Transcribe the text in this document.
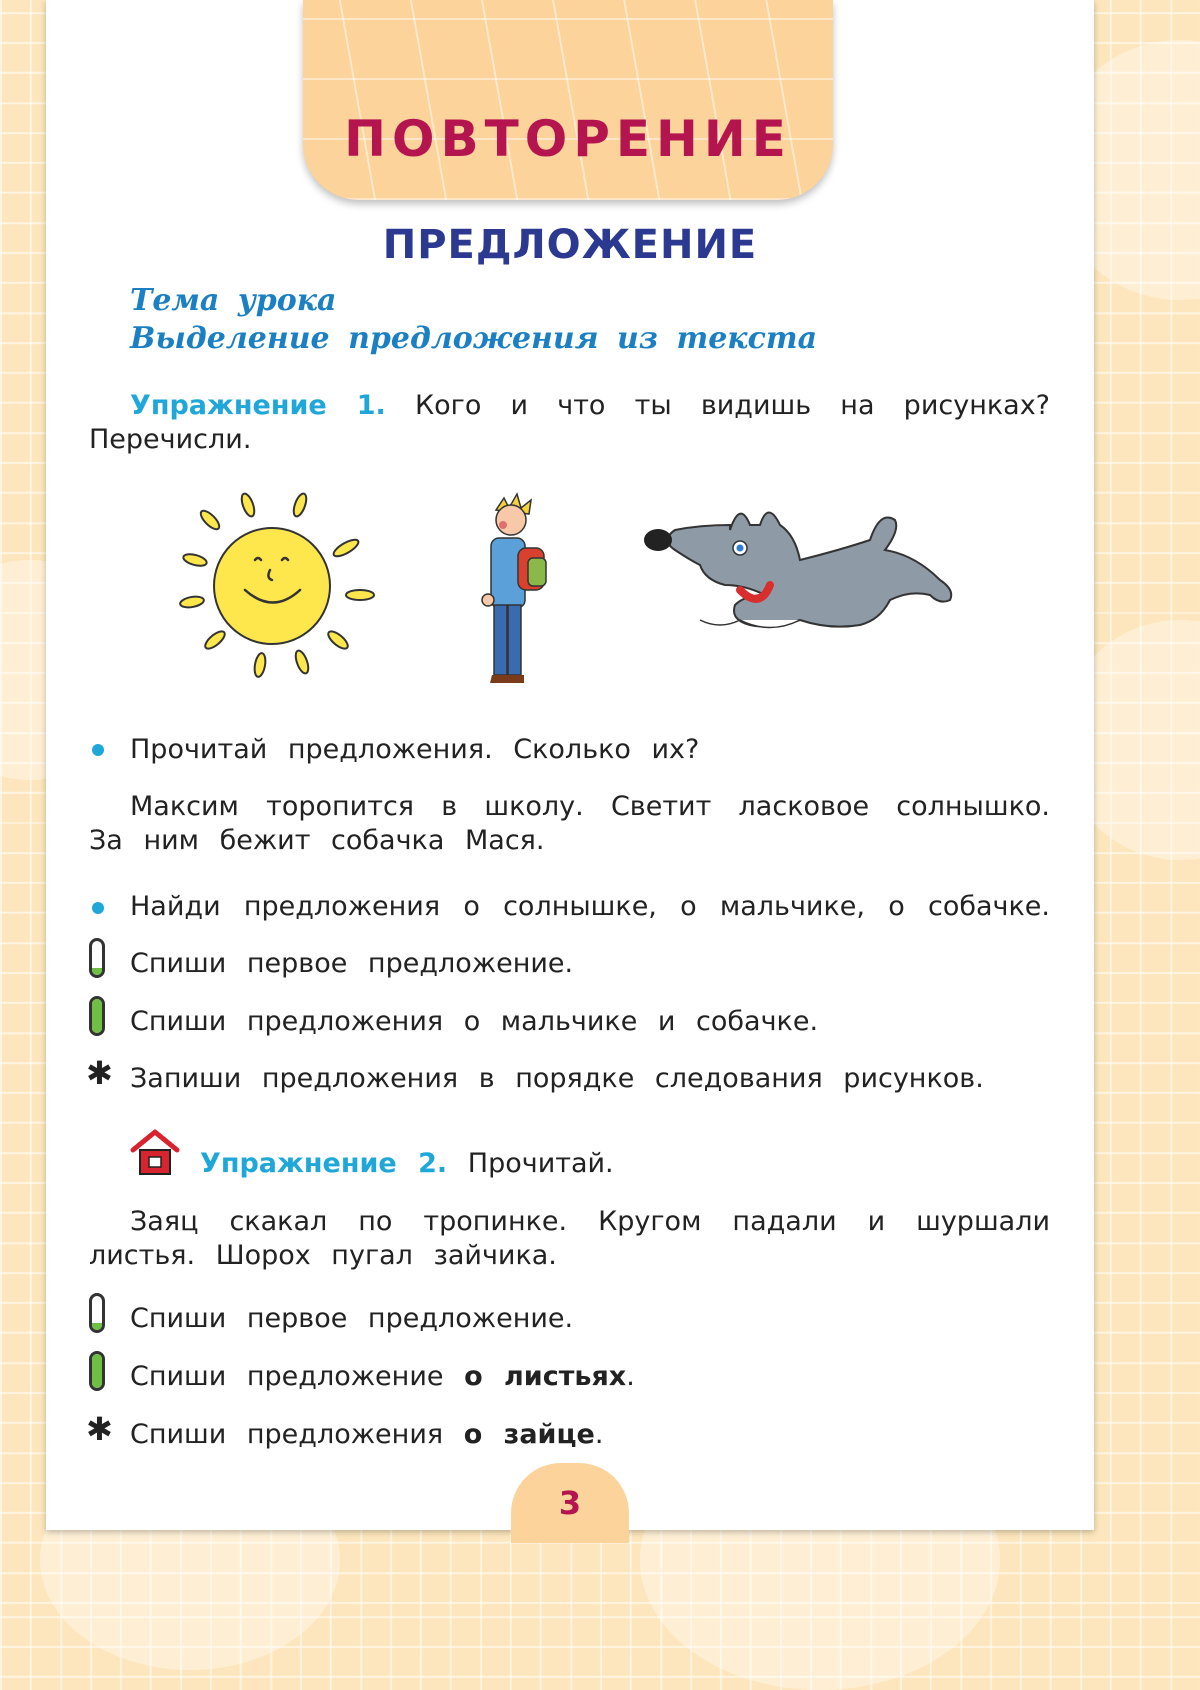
ПОВТОРЕНИЕ
ПРЕДЛОЖЕНИЕ
Тема урока
Выделение предложения из текста
Упражнение 1. Кого и что ты видишь на рисунках?
Перечисли.
Прочитай предложения. Сколько их?
Максим торопится в школу. Светит ласковое солнышко.
За ним бежит собачка Мася.
Найди предложения о солнышке, о мальчике, о собачке.
Спиши первое предложение.
Спиши предложения о мальчике и собачке.
✱ Запиши предложения в порядке следования рисунков.
Упражнение 2. Прочитай.
Заяц скакал по тропинке. Кругом падали и шуршали
листья. Шорох пугал зайчика.
Спиши первое предложение.
Спиши предложение о листьях.
✱ Спиши предложения о зайце.
3
